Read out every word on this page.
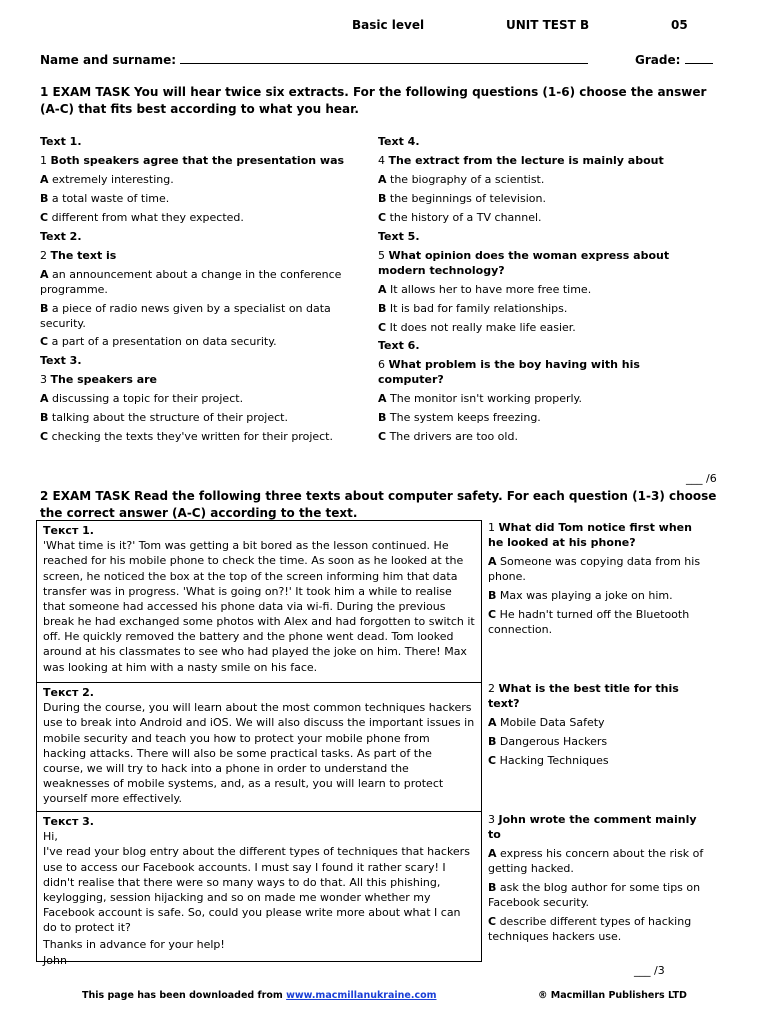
Basic level	UNIT TEST B	05
Name and surname:	Grade:
1 EXAM TASK You will hear twice six extracts. For the following questions (1-6) choose the answer (A-C) that fits best according to what you hear.

Text 1.

1 Both speakers agree that the presentation was

A extremely interesting.

B a total waste of time.

C different from what they expected.

Text 2.

2 The text is

A an announcement about a change in the conference programme.

B a piece of radio news given by a specialist on data security.

C a part of a presentation on data security.

Text 3.

3 The speakers are

A discussing a topic for their project.

B talking about the structure of their project.

C checking the texts they've written for their project.

Text 4.

4 The extract from the lecture is mainly about

A the biography of a scientist.

B the beginnings of television.

C the history of a TV channel.

Text 5.

5 What opinion does the woman express about modern technology?

A It allows her to have more free time.

B It is bad for family relationships.

C It does not really make life easier.

Text 6.

6 What problem is the boy having with his computer?

A The monitor isn't working properly.

B The system keeps freezing.

C The drivers are too old.

___ /6
2 EXAM TASK Read the following three texts about computer safety. For each question (1-3) choose the correct answer (A-C) according to the text.

Текст 1.

'What time is it?' Tom was getting a bit bored as the lesson continued. He reached for his mobile phone to check the time. As soon as he looked at the screen, he noticed the box at the top of the screen informing him that data transfer was in progress. 'What is going on?!' It took him a while to realise that someone had accessed his phone data via wi-fi. During the previous break he had exchanged some photos with Alex and had forgotten to switch it off. He quickly removed the battery and the phone went dead. Tom looked around at his classmates to see who had played the joke on him. There! Max was looking at him with a nasty smile on his face.

Текст 2.

During the course, you will learn about the most common techniques hackers use to break into Android and iOS. We will also discuss the important issues in mobile security and teach you how to protect your mobile phone from hacking attacks. There will also be some practical tasks. As part of the course, we will try to hack into a phone in order to understand the weaknesses of mobile systems, and, as a result, you will learn to protect yourself more effectively.

Текст 3.

Hi,

I've read your blog entry about the different types of techniques that hackers use to access our Facebook accounts. I must say I found it rather scary! I didn't realise that there were so many ways to do that. All this phishing, keylogging, session hijacking and so on made me wonder whether my Facebook account is safe. So, could you please write more about what I can do to protect it?

Thanks in advance for your help!

John

1 What did Tom notice first when he looked at his phone?

A Someone was copying data from his phone.

B Max was playing a joke on him.

C He hadn't turned off the Bluetooth connection.

2 What is the best title for this text?

A Mobile Data Safety

B Dangerous Hackers

C Hacking Techniques

3 John wrote the comment mainly to

A express his concern about the risk of getting hacked.

B ask the blog author for some tips on Facebook security.

C describe different types of hacking techniques hackers use.

___ /3
This page has been downloaded from www.macmillanukraine.com	® Macmillan Publishers LTD
